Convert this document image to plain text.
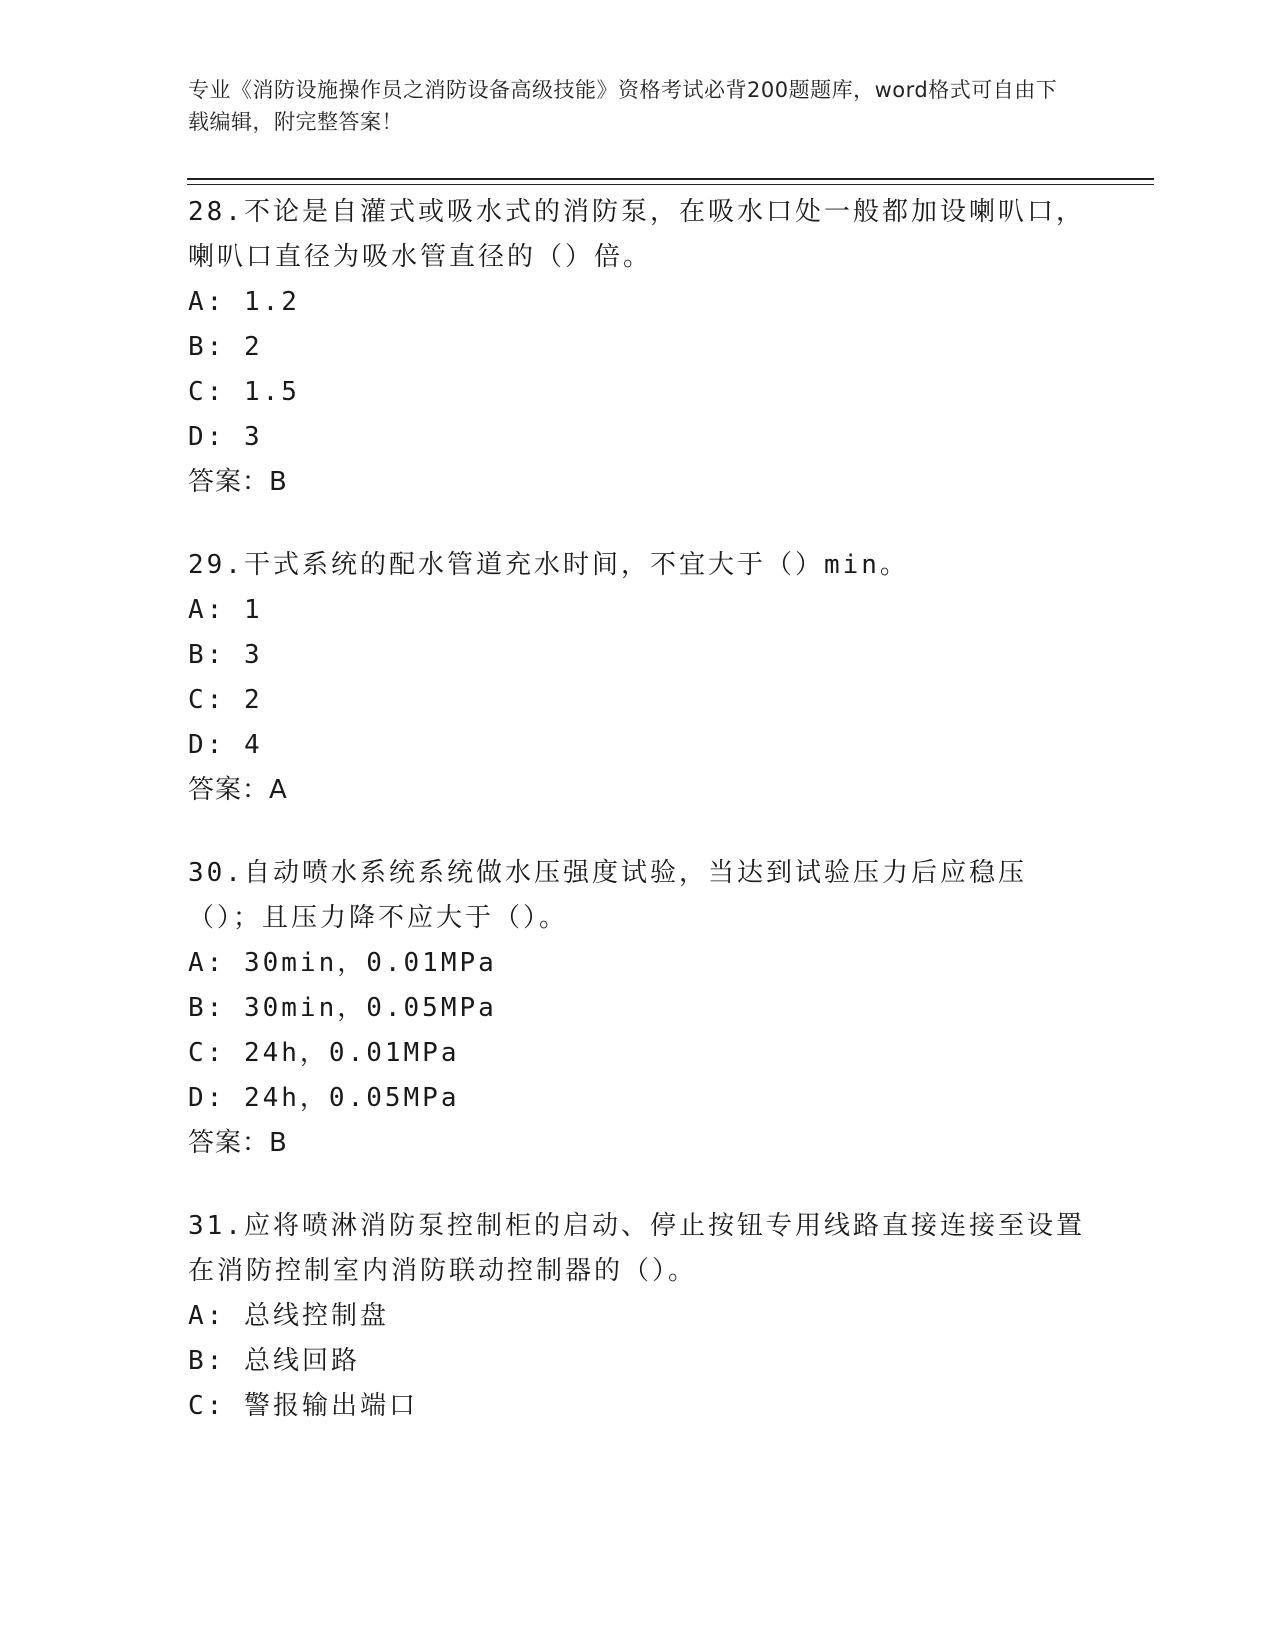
专业《消防设施操作员之消防设备高级技能》资格考试必背200题题库，word格式可自由下载编辑，附完整答案！

28.不论是自灌式或吸水式的消防泵，在吸水口处一般都加设喇叭口，喇叭口直径为吸水管直径的（）倍。

A: 1.2

B: 2

C: 1.5

D: 3

答案：B

29.干式系统的配水管道充水时间，不宜大于（）min。

A: 1

B: 3

C: 2

D: 4

答案：A

30.自动喷水系统系统做水压强度试验，当达到试验压力后应稳压（）；且压力降不应大于（）。

A: 30min，0.01MPa

B: 30min，0.05MPa

C: 24h，0.01MPa

D: 24h，0.05MPa

答案：B

31.应将喷淋消防泵控制柜的启动、停止按钮专用线路直接连接至设置在消防控制室内消防联动控制器的（）。

A: 总线控制盘

B: 总线回路

C: 警报输出端口
